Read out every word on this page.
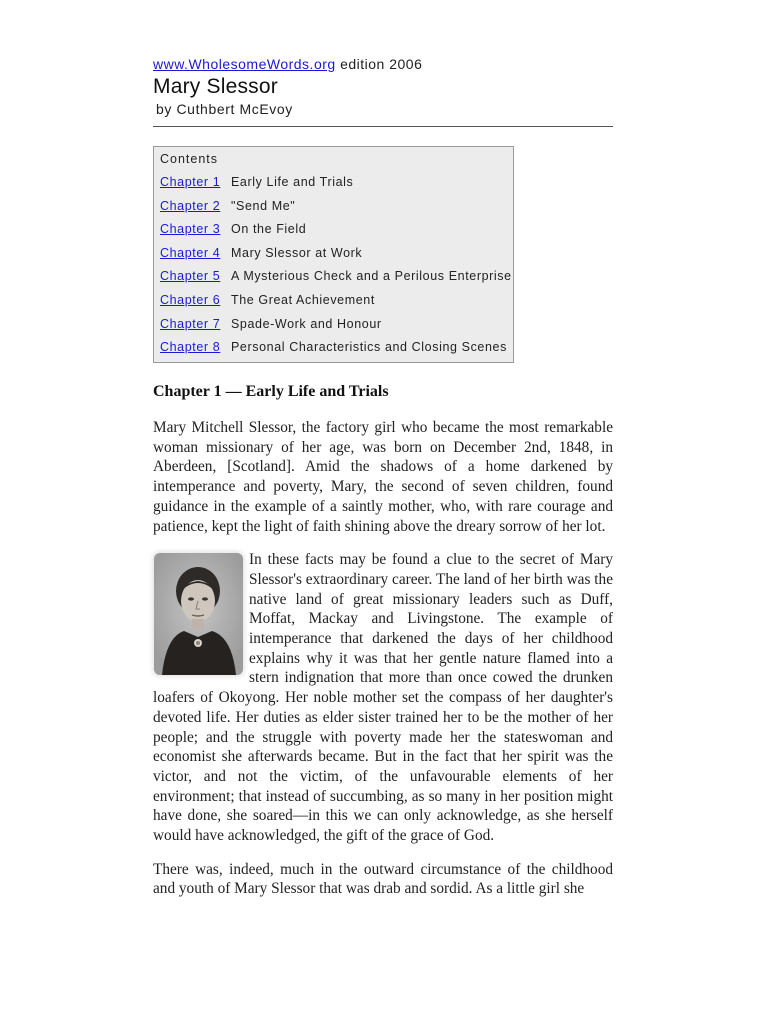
www.WholesomeWords.org edition 2006
Mary Slessor
by Cuthbert McEvoy
Contents
Chapter 1 Early Life and Trials
Chapter 2 "Send Me"
Chapter 3 On the Field
Chapter 4 Mary Slessor at Work
Chapter 5 A Mysterious Check and a Perilous Enterprise
Chapter 6 The Great Achievement
Chapter 7 Spade-Work and Honour
Chapter 8 Personal Characteristics and Closing Scenes
Chapter 1 — Early Life and Trials

Mary Mitchell Slessor, the factory girl who became the most remarkable woman missionary of her age, was born on December 2nd, 1848, in Aberdeen, [Scotland]. Amid the shadows of a home darkened by intemperance and poverty, Mary, the second of seven children, found guidance in the example of a saintly mother, who, with rare courage and patience, kept the light of faith shining above the dreary sorrow of her lot.

In these facts may be found a clue to the secret of Mary Slessor's extraordinary career. The land of her birth was the native land of great missionary leaders such as Duff, Moffat, Mackay and Livingstone. The example of intemperance that darkened the days of her childhood explains why it was that her gentle nature flamed into a stern indignation that more than once cowed the drunken loafers of Okoyong. Her noble mother set the compass of her daughter's devoted life. Her duties as elder sister trained her to be the mother of her people; and the struggle with poverty made her the stateswoman and economist she afterwards became. But in the fact that her spirit was the victor, and not the victim, of the unfavourable elements of her environment; that instead of succumbing, as so many in her position might have done, she soared—in this we can only acknowledge, as she herself would have acknowledged, the gift of the grace of God.

There was, indeed, much in the outward circumstance of the childhood and youth of Mary Slessor that was drab and sordid. As a little girl she
